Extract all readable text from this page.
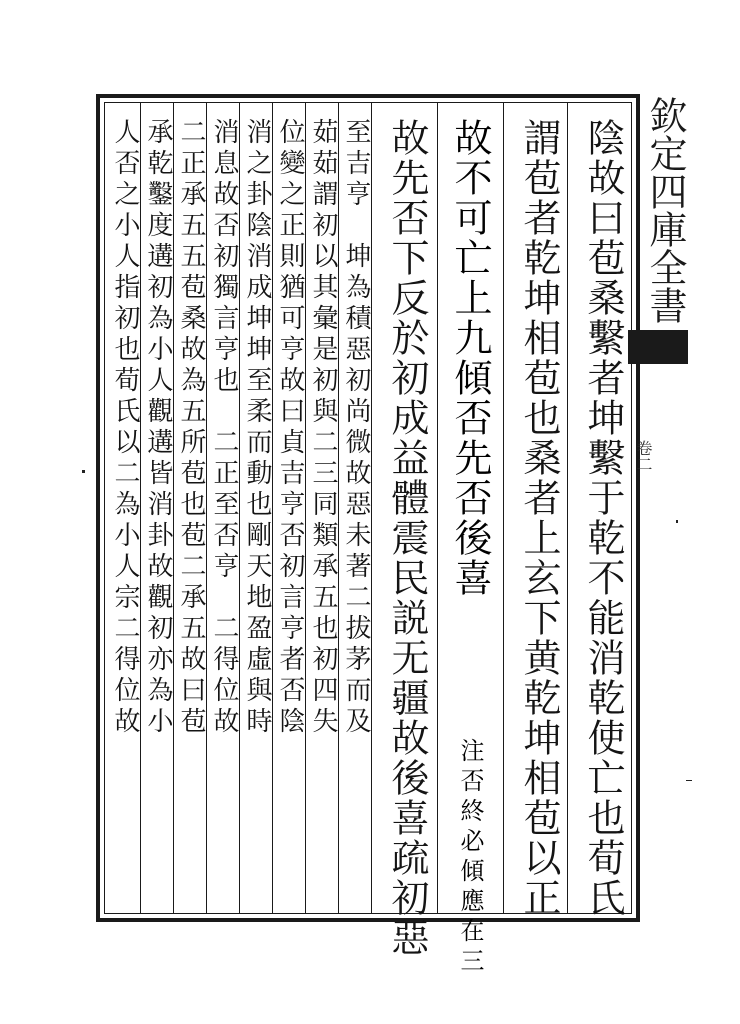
陰故曰苞桑繫者坤繫于乾不能消乾使亡也荀氏
謂苞者乾坤相苞也桑者上玄下黄乾坤相苞以正
故不可亡上九傾否先否後喜
注否終必傾應在三
故先否下反於初成益體震民説无疆故後喜疏初惡
至吉亨　坤為積惡初尚微故惡未著二拔茅而及
茹茹謂初以其彙是初與二三同類承五也初四失
位變之正則猶可亨故曰貞吉亨否初言亨者否陰
消之卦陰消成坤坤至柔而動也剛天地盈虛與時
消息故否初獨言亨也　二正至否亨　二得位故
二正承五五苞桑故為五所苞也苞二承五故曰苞
承乾鑿度遘初為小人觀遘皆消卦故觀初亦為小
人否之小人指初也荀氏以二為小人宗二得位故	欽定四庫全書
卷二
